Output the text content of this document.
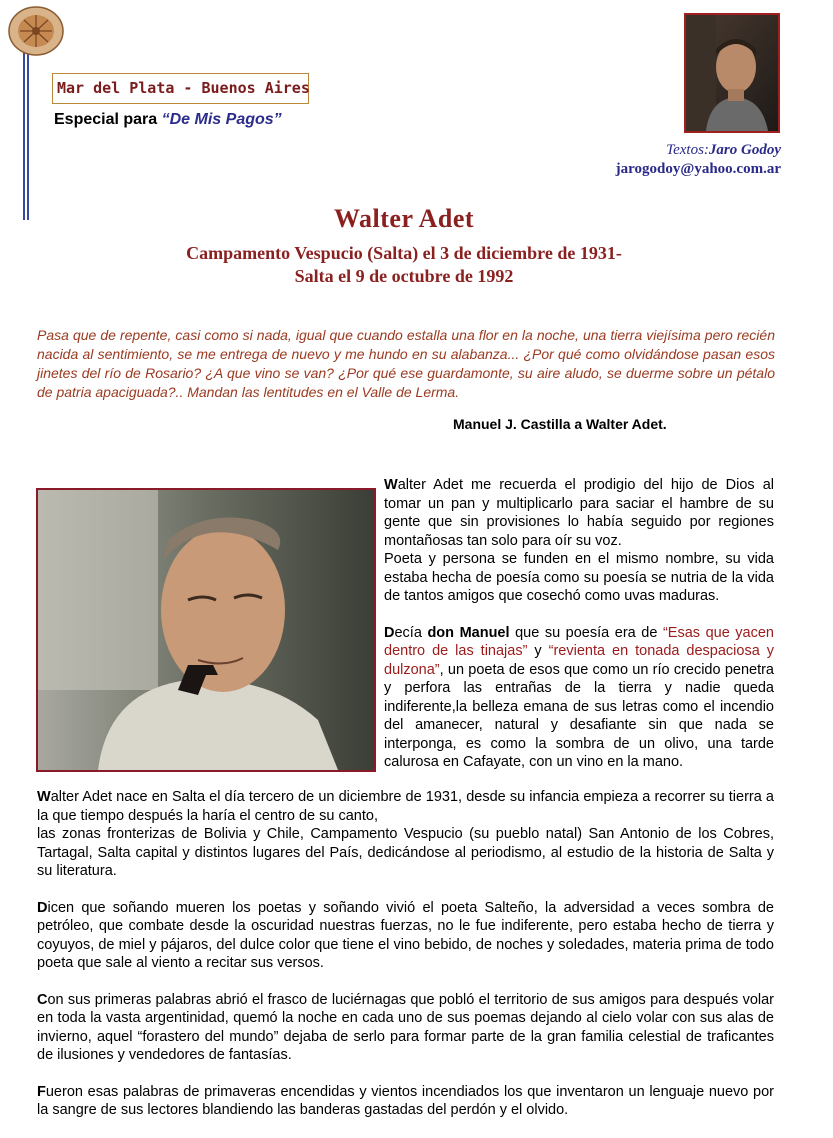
Mar del Plata - Buenos Aires
Especial para “De Mis Pagos”
Textos:Jaro Godoy
jarogodoy@yahoo.com.ar
Walter Adet
Campamento Vespucio (Salta) el 3 de diciembre de 1931-
Salta el 9 de octubre de 1992
Pasa que de repente, casi como si nada, igual que cuando estalla una flor en la noche, una tierra viejísima pero recién nacida al sentimiento, se me entrega de nuevo y me hundo en su alabanza... ¿Por qué como olvidándose pasan esos jinetes del río de Rosario? ¿A que vino se van? ¿Por qué ese guardamonte, su aire aludo, se duerme sobre un pétalo de patria apaciguada?.. Mandan las lentitudes en el Valle de Lerma.
Manuel J. Castilla a Walter Adet.

Walter Adet me recuerda el prodigio del hijo de Dios al tomar un pan y multiplicarlo para saciar el hambre de su gente que sin provisiones lo había seguido por regiones montañosas tan solo para oír su voz.

Poeta y persona se funden en el mismo nombre, su vida estaba hecha de poesía como su poesía se nutria de la vida de tantos amigos que cosechó como uvas maduras.

Decía don Manuel que su poesía era de “Esas que yacen dentro de las tinajas” y “revienta en tonada despaciosa y dulzona”, un poeta de esos que como un río crecido penetra y perfora las entrañas de la tierra y nadie queda indiferente,la belleza emana de sus letras como el incendio del amanecer, natural y desafiante sin que nada se interponga, es como la sombra de un olivo, una tarde calurosa en Cafayate, con un vino en la mano.

Walter Adet nace en Salta el día tercero de un diciembre de 1931, desde su infancia empieza a recorrer su tierra a la que tiempo después la haría el centro de su canto,

las zonas fronterizas de Bolivia y Chile, Campamento Vespucio (su pueblo natal) San Antonio de los Cobres, Tartagal, Salta capital y distintos lugares del País, dedicándose al periodismo, al estudio de la historia de Salta y su literatura.

Dicen que soñando mueren los poetas y soñando vivió el poeta Salteño, la adversidad a veces sombra de petróleo, que combate desde la oscuridad nuestras fuerzas, no le fue indiferente, pero estaba hecho de tierra y coyuyos, de miel y pájaros, del dulce color que tiene el vino bebido, de noches y soledades, materia prima de todo poeta que sale al viento a recitar sus versos.

Con sus primeras palabras abrió el frasco de luciérnagas que pobló el territorio de sus amigos para después volar en toda la vasta argentinidad, quemó la noche en cada uno de sus poemas dejando al cielo volar con sus alas de invierno, aquel “forastero del mundo” dejaba de serlo para formar parte de la gran familia celestial de traficantes de ilusiones y vendedores de fantasías.

Fueron esas palabras de primaveras encendidas y vientos incendiados los que inventaron un lenguaje nuevo por la sangre de sus lectores blandiendo las banderas gastadas del perdón y el olvido.
